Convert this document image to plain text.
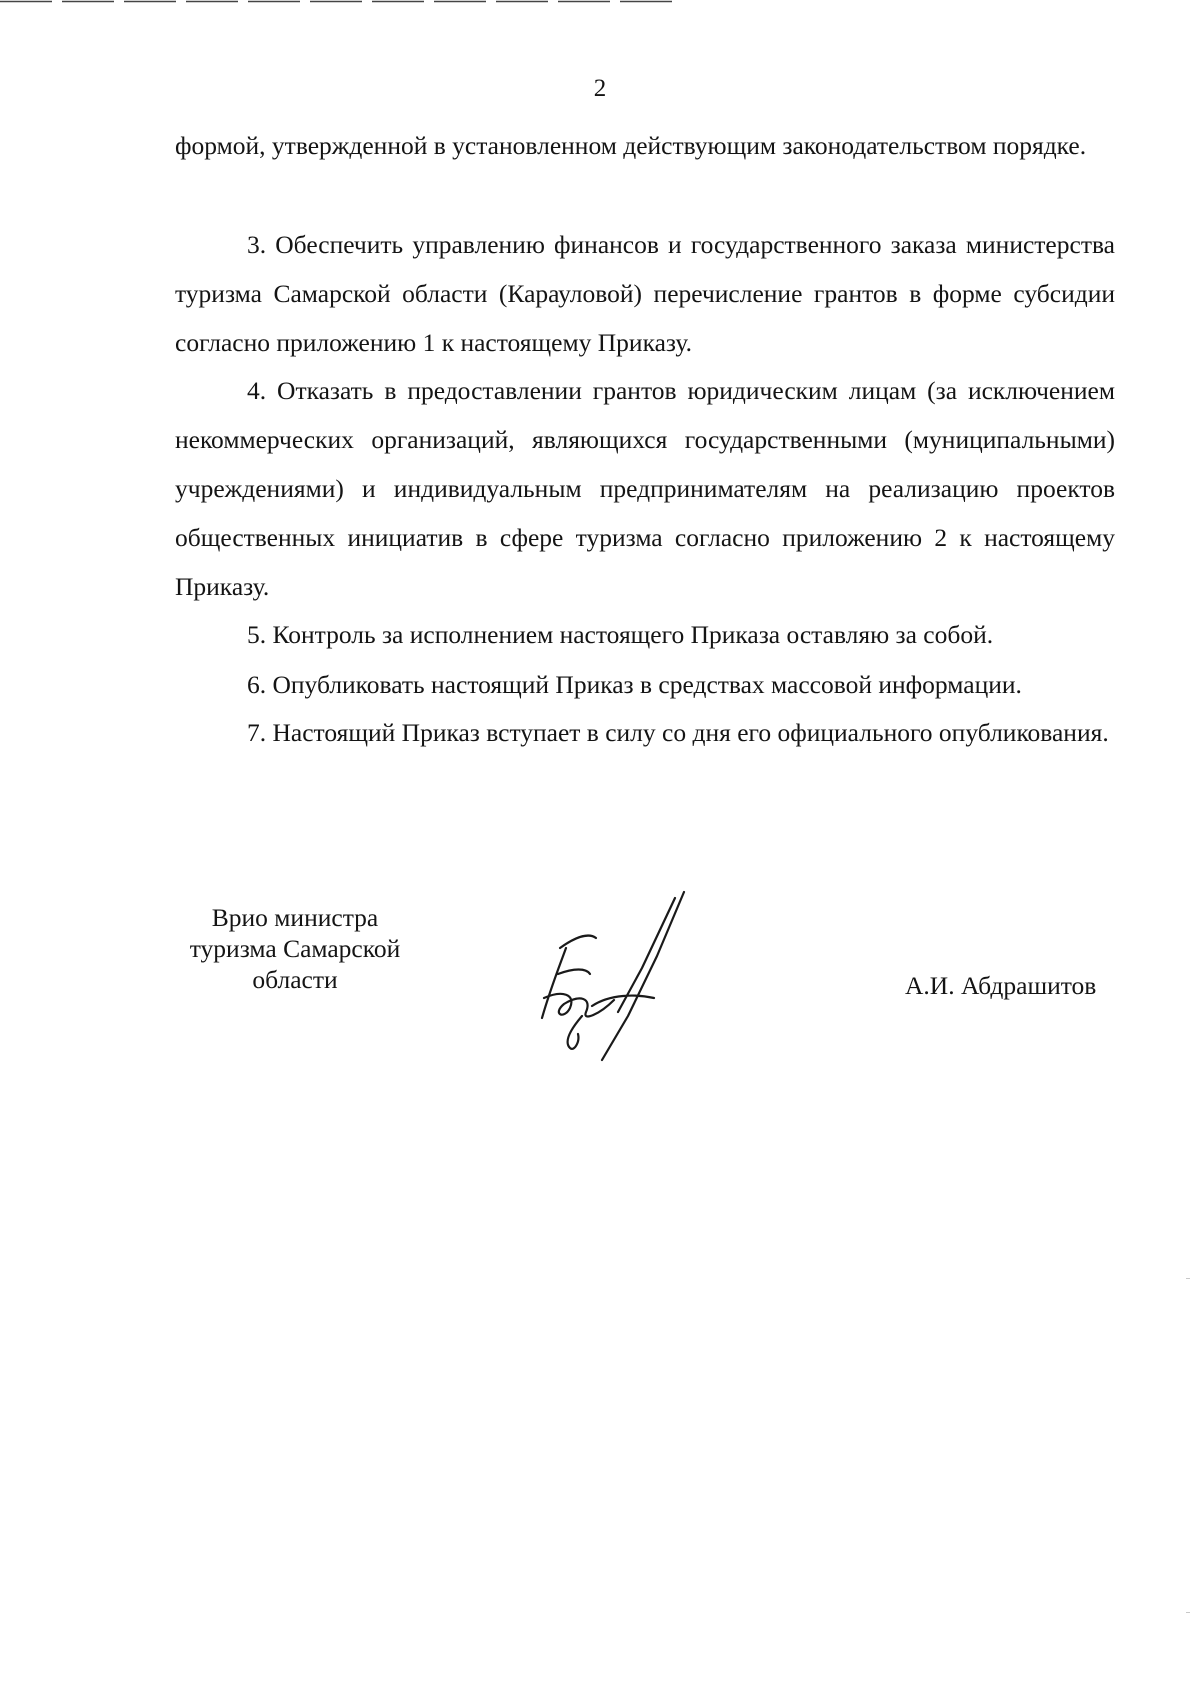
2

формой, утвержденной в установленном действующим законодательством порядке.

3. Обеспечить управлению финансов и государственного заказа министерства туризма Самарской области (Карауловой) перечисление грантов в форме субсидии согласно приложению 1 к настоящему Приказу.

4. Отказать в предоставлении грантов юридическим лицам (за исключением некоммерческих организаций, являющихся государственными (муниципальными) учреждениями) и индивидуальным предпринимателям на реализацию проектов общественных инициатив в сфере туризма согласно приложению 2 к настоящему Приказу.

5. Контроль за исполнением настоящего Приказа оставляю за собой.

6. Опубликовать настоящий Приказ в средствах массовой информации.

7. Настоящий Приказ вступает в силу со дня его официального опубликования.

Врио министра
туризма Самарской
области	А.И. Абдрашитов
